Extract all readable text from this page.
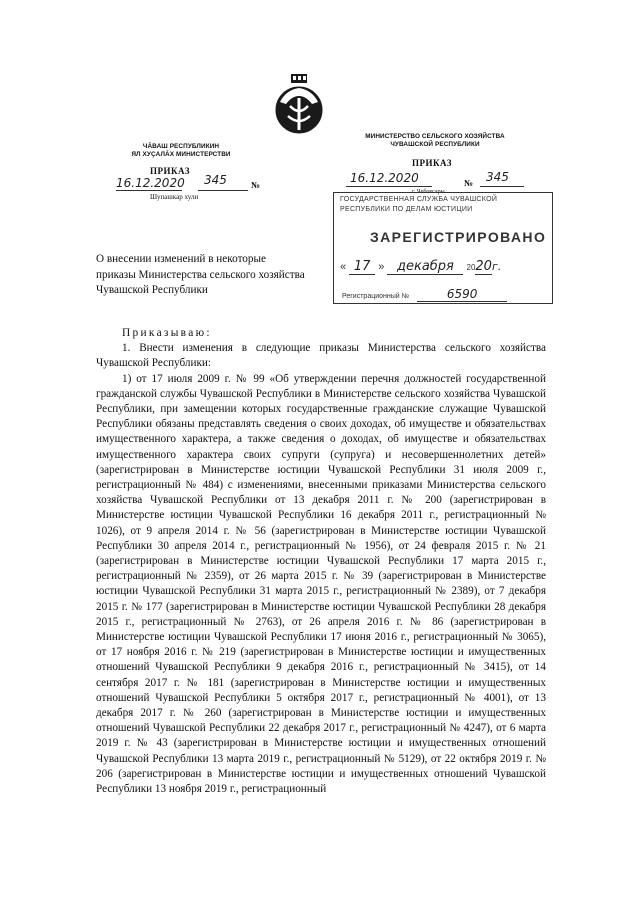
ЧӐВАШ РЕСПУБЛИКИН
ЯЛ ХУҪАЛĂХ МИНИСТЕРСТВИ
ПРИКАЗ
16.12.2020 345	№
Шупашкар хули
МИНИСТЕРСТВО СЕЛЬСКОГО ХОЗЯЙСТВА
ЧУВАШСКОЙ РЕСПУБЛИКИ
ПРИКАЗ
16.12.2020	№ 345
г. Чебоксары
ГОСУДАРСТВЕННАЯ СЛУЖБА ЧУВАШСКОЙ
РЕСПУБЛИКИ ПО ДЕЛАМ ЮСТИЦИИ
ЗАРЕГИСТРИРОВАНО
« 17 » декабря 2020г.
Регистрационный №	6590
О внесении изменений в некоторые приказы Министерства сельского хозяйства Чувашской Республики

Приказываю:

1. Внести изменения в следующие приказы Министерства сельского хозяйства Чувашской Республики:

1) от 17 июля 2009 г. № 99 «Об утверждении перечня должностей государственной гражданской службы Чувашской Республики в Министерстве сельского хозяйства Чувашской Республики, при замещении которых государственные гражданские служащие Чувашской Республики обязаны представлять сведения о своих доходах, об имуществе и обязательствах имущественного характера, а также сведения о доходах, об имуществе и обязательствах имущественного характера своих супруги (супруга) и несовершеннолетних детей» (зарегистрирован в Министерстве юстиции Чувашской Республики 31 июля 2009 г., регистрационный № 484) с изменениями, внесенными приказами Министерства сельского хозяйства Чувашской Республики от 13 декабря 2011 г. № 200 (зарегистрирован в Министерстве юстиции Чувашской Республики 16 декабря 2011 г., регистрационный № 1026), от 9 апреля 2014 г. № 56 (зарегистрирован в Министерстве юстиции Чувашской Республики 30 апреля 2014 г., регистрационный № 1956), от 24 февраля 2015 г. № 21 (зарегистрирован в Министерстве юстиции Чувашской Республики 17 марта 2015 г., регистрационный № 2359), от 26 марта 2015 г. № 39 (зарегистрирован в Министерстве юстиции Чувашской Республики 31 марта 2015 г., регистрационный № 2389), от 7 декабря 2015 г. № 177 (зарегистрирован в Министерстве юстиции Чувашской Республики 28 декабря 2015 г., регистрационный № 2763), от 26 апреля 2016 г. № 86 (зарегистрирован в Министерстве юстиции Чувашской Республики 17 июня 2016 г., регистрационный № 3065), от 17 ноября 2016 г. № 219 (зарегистрирован в Министерстве юстиции и имущественных отношений Чувашской Республики 9 декабря 2016 г., регистрационный № 3415), от 14 сентября 2017 г. № 181 (зарегистрирован в Министерстве юстиции и имущественных отношений Чувашской Республики 5 октября 2017 г., регистрационный № 4001), от 13 декабря 2017 г. № 260 (зарегистрирован в Министерстве юстиции и имущественных отношений Чувашской Республики 22 декабря 2017 г., регистрационный № 4247), от 6 марта 2019 г. № 43 (зарегистрирован в Министерстве юстиции и имущественных отношений Чувашской Республики 13 марта 2019 г., регистрационный № 5129), от 22 октября 2019 г. № 206 (зарегистрирован в Министерстве юстиции и имущественных отношений Чувашской Республики 13 ноября 2019 г., регистрационный
